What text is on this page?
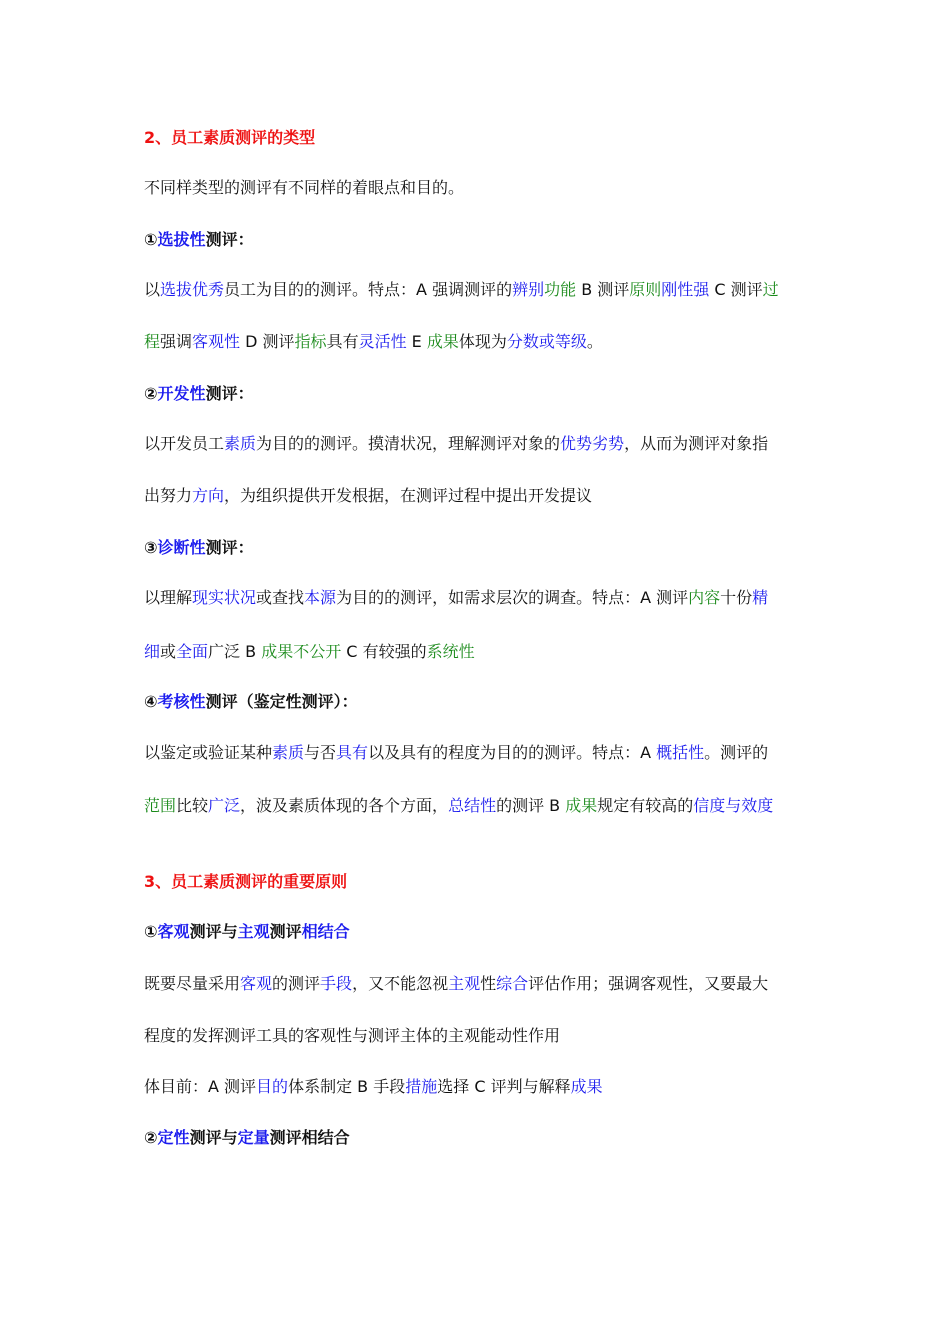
2、员工素质测评的类型
不同样类型的测评有不同样的着眼点和目的。
①选拔性测评：
以选拔优秀员工为目的的测评。特点：A 强调测评的辨别功能 B 测评原则刚性强 C 测评过
程强调客观性 D 测评指标具有灵活性 E 成果体现为分数或等级。
②开发性测评：
以开发员工素质为目的的测评。摸清状况，理解测评对象的优势劣势，从而为测评对象指
出努力方向，为组织提供开发根据，在测评过程中提出开发提议
③诊断性测评：
以理解现实状况或查找本源为目的的测评，如需求层次的调查。特点：A 测评内容十份精
细或全面广泛 B 成果不公开 C 有较强的系统性
④考核性测评（鉴定性测评）：
以鉴定或验证某种素质与否具有以及具有的程度为目的的测评。特点：A 概括性。测评的
范围比较广泛，波及素质体现的各个方面，总结性的测评 B 成果规定有较高的信度与效度
3、员工素质测评的重要原则
①客观测评与主观测评相结合
既要尽量采用客观的测评手段，又不能忽视主观性综合评估作用；强调客观性，又要最大
程度的发挥测评工具的客观性与测评主体的主观能动性作用
体目前：A 测评目的体系制定 B 手段措施选择 C 评判与解释成果
②定性测评与定量测评相结合
